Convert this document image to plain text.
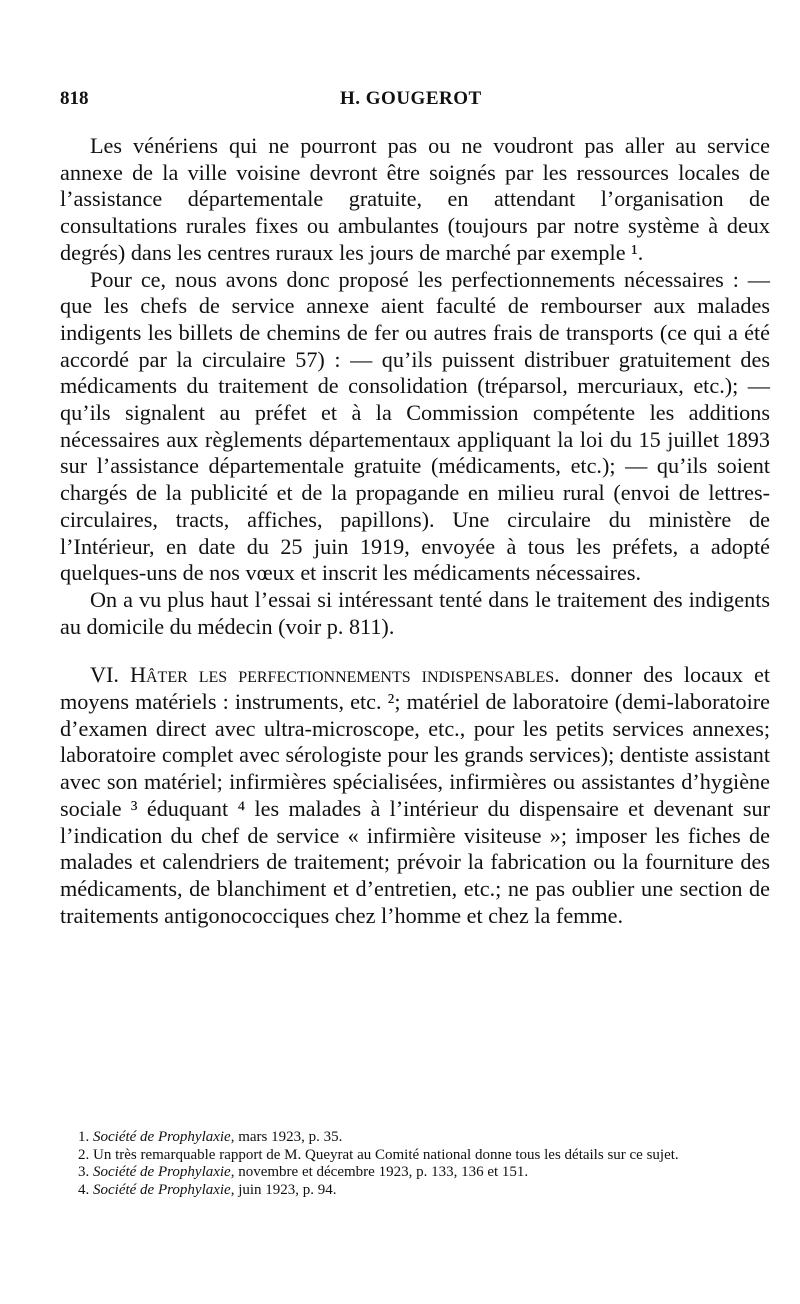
818	H. GOUGEROT

Les vénériens qui ne pourront pas ou ne voudront pas aller au service annexe de la ville voisine devront être soignés par les ressources locales de l’assistance départementale gratuite, en attendant l’organisation de consultations rurales fixes ou ambulantes (toujours par notre système à deux degrés) dans les centres ruraux les jours de marché par exemple ¹.

Pour ce, nous avons donc proposé les perfectionnements nécessaires : — que les chefs de service annexe aient faculté de rembourser aux malades indigents les billets de chemins de fer ou autres frais de transports (ce qui a été accordé par la circulaire 57) : — qu’ils puissent distribuer gratuitement des médicaments du traitement de consolidation (tréparsol, mercuriaux, etc.); — qu’ils signalent au préfet et à la Commission compétente les additions nécessaires aux règlements départementaux appliquant la loi du 15 juillet 1893 sur l’assistance départementale gratuite (médicaments, etc.); — qu’ils soient chargés de la publicité et de la propagande en milieu rural (envoi de lettres-circulaires, tracts, affiches, papillons). Une circulaire du ministère de l’Intérieur, en date du 25 juin 1919, envoyée à tous les préfets, a adopté quelques-uns de nos vœux et inscrit les médicaments nécessaires.

On a vu plus haut l’essai si intéressant tenté dans le traitement des indigents au domicile du médecin (voir p. 811).

VI. Hâter les perfectionnements indispensables. donner des locaux et moyens matériels : instruments, etc. ²; matériel de laboratoire (demi-laboratoire d’examen direct avec ultra-microscope, etc., pour les petits services annexes; laboratoire complet avec sérologiste pour les grands services); dentiste assistant avec son matériel; infirmières spécialisées, infirmières ou assistantes d’hygiène sociale ³ éduquant ⁴ les malades à l’intérieur du dispensaire et devenant sur l’indication du chef de service « infirmière visiteuse »; imposer les fiches de malades et calendriers de traitement; prévoir la fabrication ou la fourniture des médicaments, de blanchiment et d’entretien, etc.; ne pas oublier une section de traitements antigonococciques chez l’homme et chez la femme.

1. Société de Prophylaxie, mars 1923, p. 35.

2. Un très remarquable rapport de M. Queyrat au Comité national donne tous les détails sur ce sujet.

3. Société de Prophylaxie, novembre et décembre 1923, p. 133, 136 et 151.

4. Société de Prophylaxie, juin 1923, p. 94.
